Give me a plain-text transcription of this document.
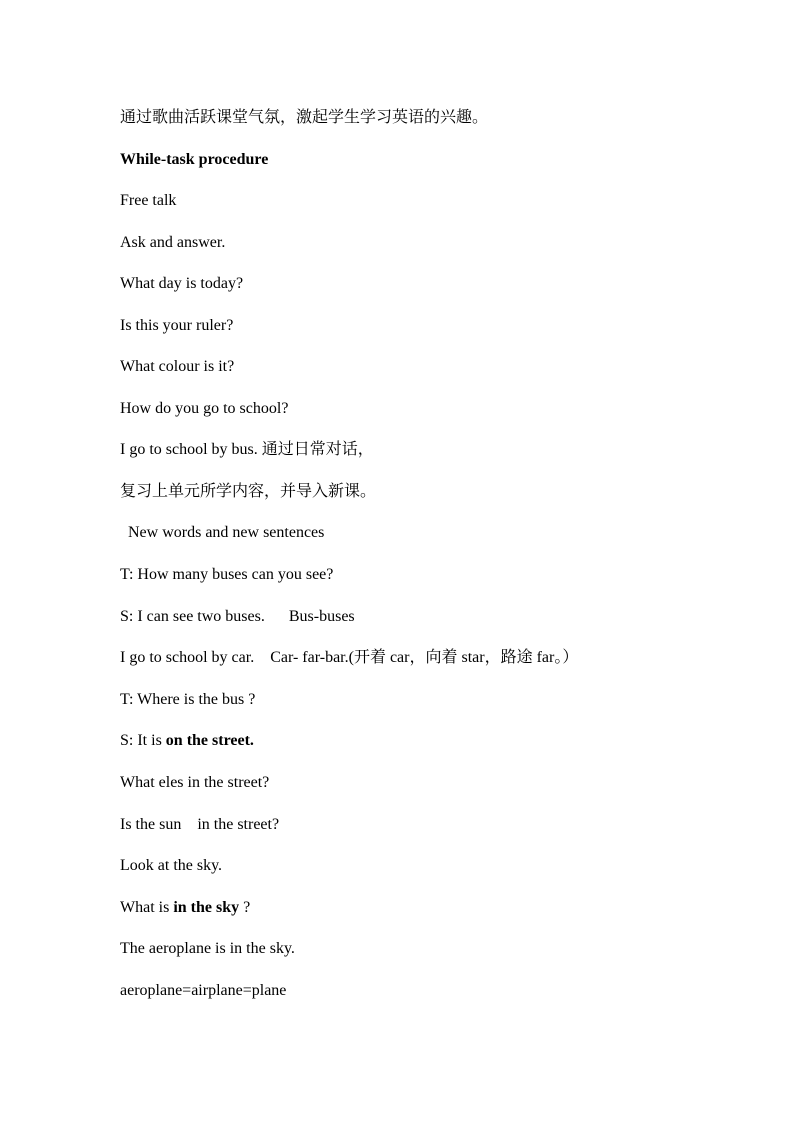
通过歌曲活跃课堂气氛，激起学生学习英语的兴趣。
While-task procedure
Free talk
Ask and answer.
What day is today?
Is this your ruler?
What colour is it?
How do you go to school?
I go to school by bus. 通过日常对话，
复习上单元所学内容，并导入新课。
New words and new sentences
T: How many buses can you see?
S: I can see two buses.      Bus-buses
I go to school by car.    Car- far-bar.(开着 car，向着 star，路途 far。）
T: Where is the bus ?
S: It is on the street.
What eles in the street?
Is the sun    in the street?
Look at the sky.
What is in the sky ?
The aeroplane is in the sky.
aeroplane=airplane=plane
